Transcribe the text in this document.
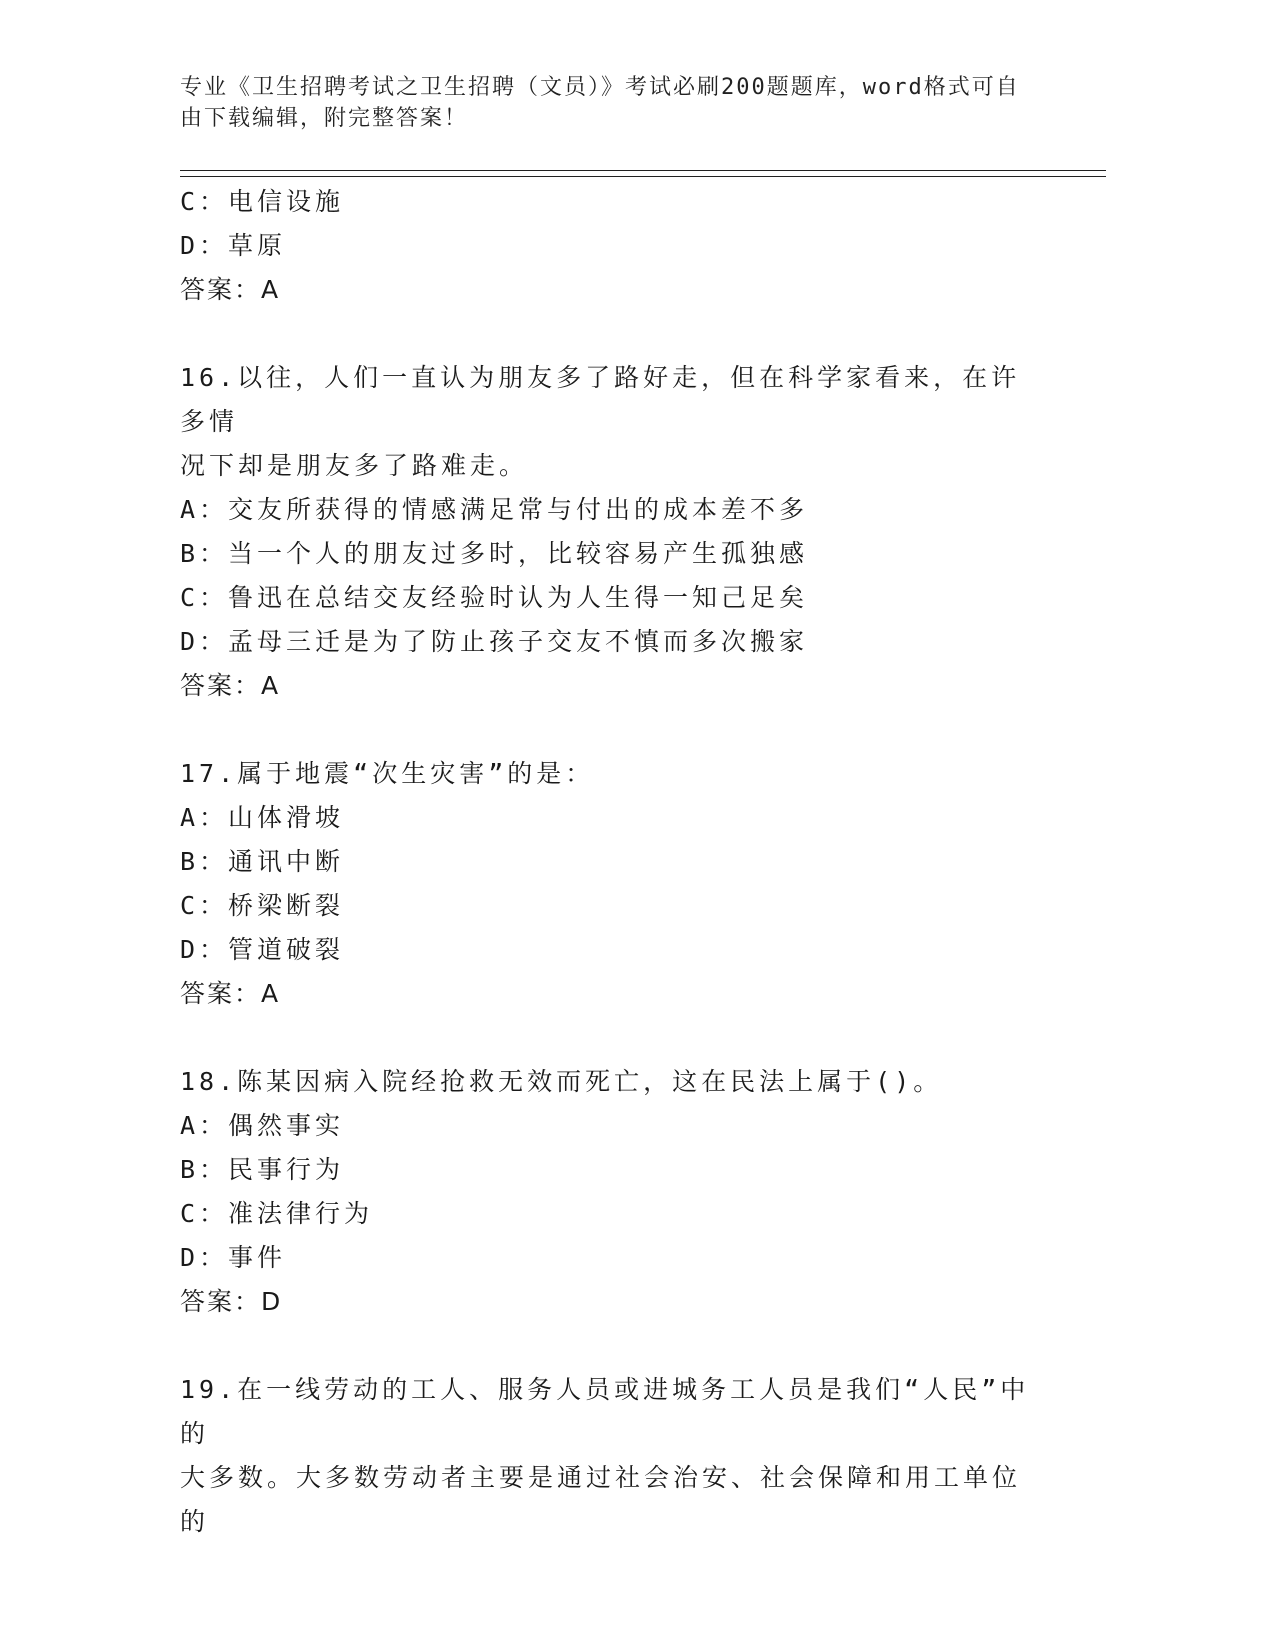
专业《卫生招聘考试之卫生招聘（文员）》考试必刷200题题库，word格式可自
由下载编辑，附完整答案！
C：电信设施
D：草原
答案：A
16.以往，人们一直认为朋友多了路好走，但在科学家看来，在许多情
况下却是朋友多了路难走。
A：交友所获得的情感满足常与付出的成本差不多
B：当一个人的朋友过多时，比较容易产生孤独感
C：鲁迅在总结交友经验时认为人生得一知己足矣
D：孟母三迁是为了防止孩子交友不慎而多次搬家
答案：A
17.属于地震“次生灾害”的是：
A：山体滑坡
B：通讯中断
C：桥梁断裂
D：管道破裂
答案：A
18.陈某因病入院经抢救无效而死亡，这在民法上属于()。
A：偶然事实
B：民事行为
C：准法律行为
D：事件
答案：D
19.在一线劳动的工人、服务人员或进城务工人员是我们“人民”中的
大多数。大多数劳动者主要是通过社会治安、社会保障和用工单位的
